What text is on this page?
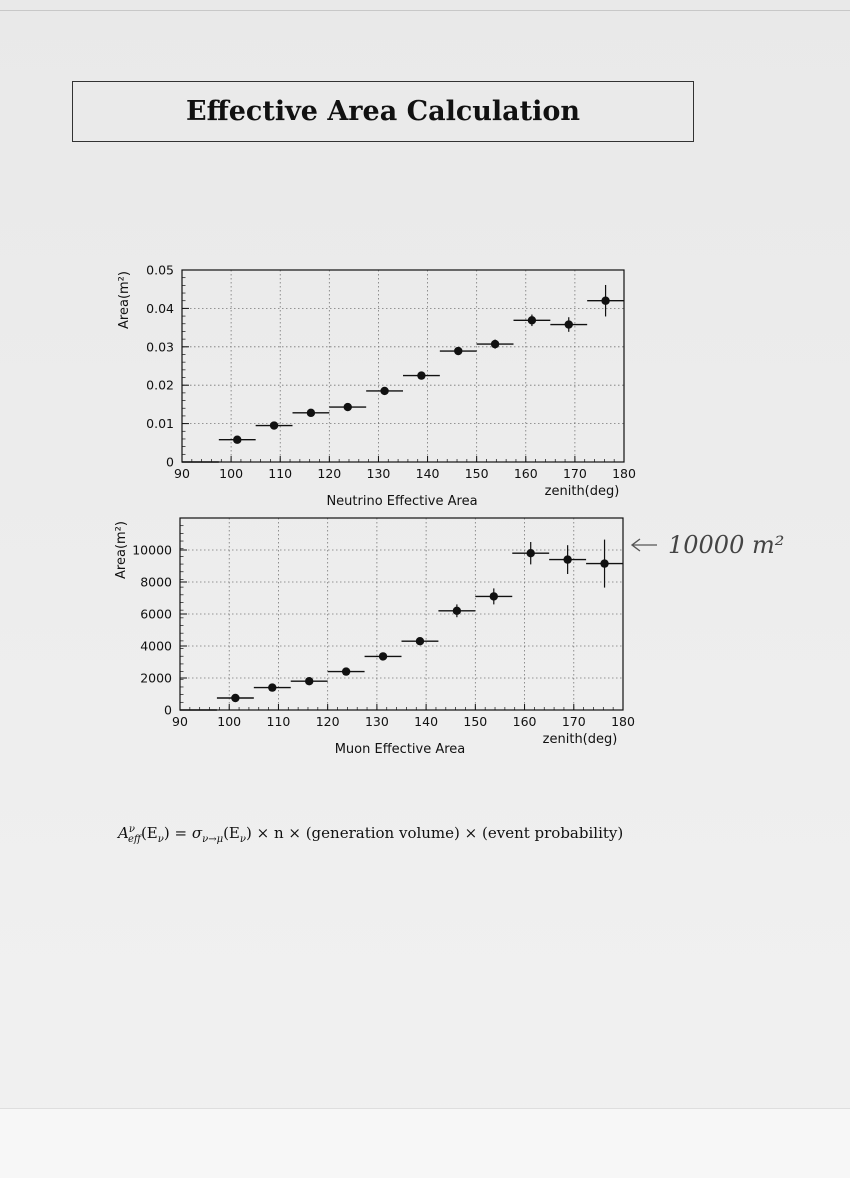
Effective Area Calculation
90 100 110 120 130 140 150 160 170 180
0
0.01
0.02
0.03
0.04
0.05
Neutrino Effective Area
zenith(deg)
Area(m²)
90 100 110 120 130 140 150 160 170 180
0
2000
4000
6000
8000
10000
Muon Effective Area
zenith(deg)
Area(m²)	10000 m²
$A^\nu_{eff}(E_\nu) = \sigma_{\nu\to\mu}(E_\nu) \times n$ × (generation volume) × (event probability)
